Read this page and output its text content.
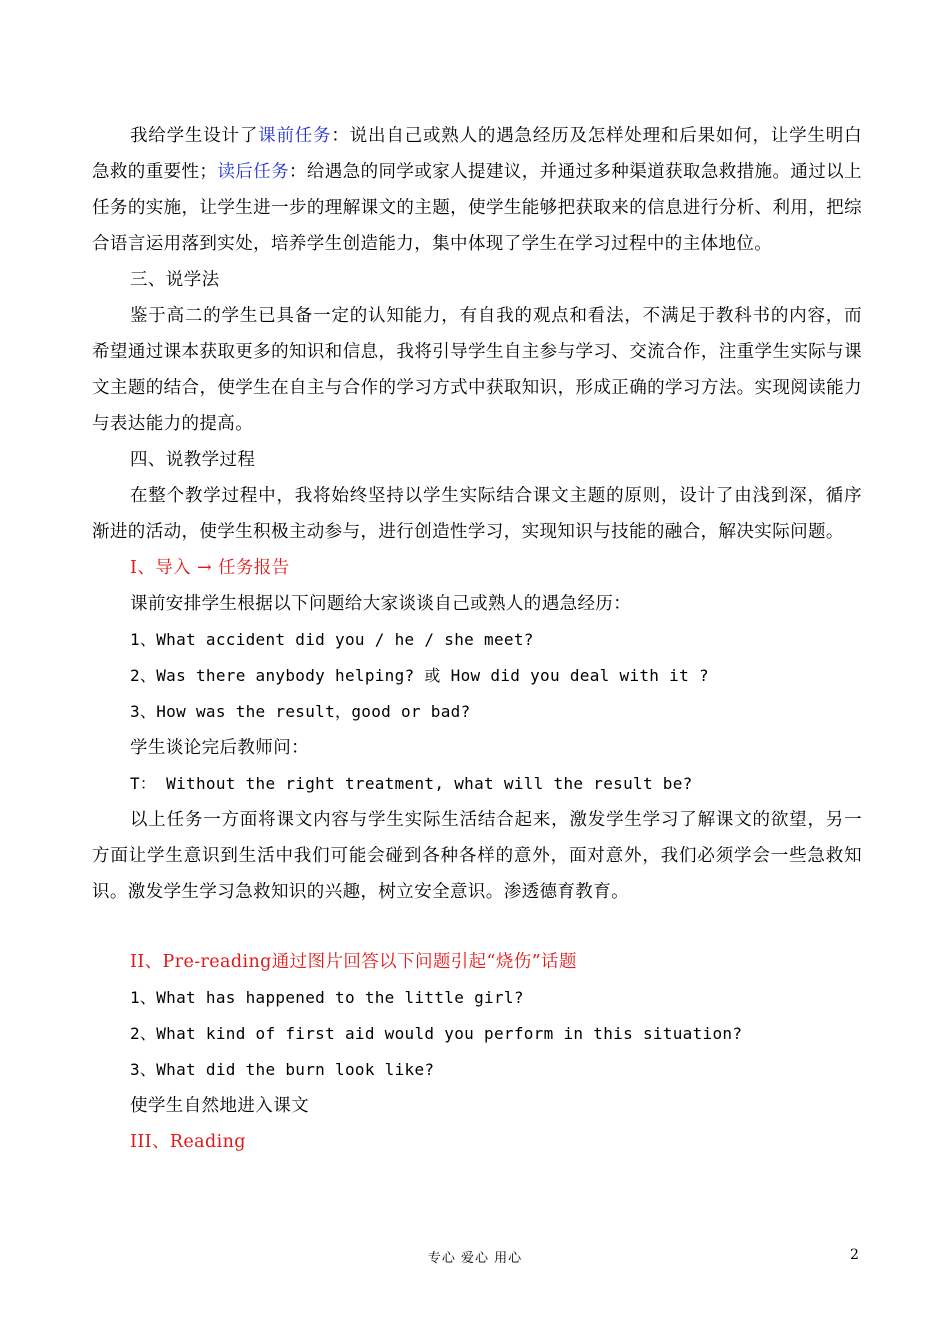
我给学生设计了课前任务：说出自己或熟人的遇急经历及怎样处理和后果如何，让学生明白急救的重要性；读后任务：给遇急的同学或家人提建议，并通过多种渠道获取急救措施。通过以上任务的实施，让学生进一步的理解课文的主题，使学生能够把获取来的信息进行分析、利用，把综合语言运用落到实处，培养学生创造能力，集中体现了学生在学习过程中的主体地位。

三、说学法

鉴于高二的学生已具备一定的认知能力，有自我的观点和看法，不满足于教科书的内容，而希望通过课本获取更多的知识和信息，我将引导学生自主参与学习、交流合作，注重学生实际与课文主题的结合，使学生在自主与合作的学习方式中获取知识，形成正确的学习方法。实现阅读能力与表达能力的提高。

四、说教学过程

在整个教学过程中，我将始终坚持以学生实际结合课文主题的原则，设计了由浅到深，循序渐进的活动，使学生积极主动参与，进行创造性学习，实现知识与技能的融合，解决实际问题。

I、导入 → 任务报告

课前安排学生根据以下问题给大家谈谈自己或熟人的遇急经历：

1、What accident did you / he / she meet?

2、Was there anybody helping? 或 How did you deal with it ?

3、How was the result，good or bad?

学生谈论完后教师问：

T： Without the right treatment, what will the result be?

以上任务一方面将课文内容与学生实际生活结合起来，激发学生学习了解课文的欲望，另一方面让学生意识到生活中我们可能会碰到各种各样的意外，面对意外，我们必须学会一些急救知识。激发学生学习急救知识的兴趣，树立安全意识。渗透德育教育。

II、Pre-reading通过图片回答以下问题引起“烧伤”话题

1、What has happened to the little girl?

2、What kind of first aid would you perform in this situation?

3、What did the burn look like?

使学生自然地进入课文

III、Reading

专心 爱心 用心	2
